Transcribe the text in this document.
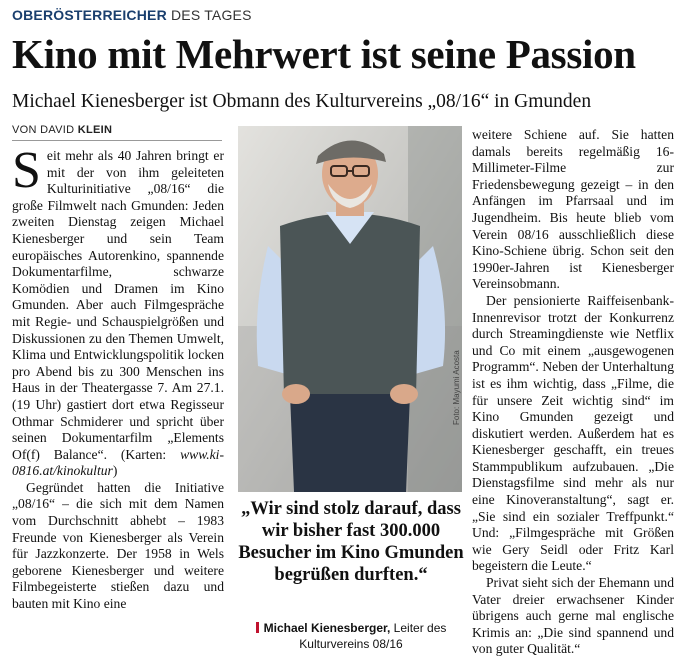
OBERÖSTERREICHER DES TAGES
Kino mit Mehrwert ist seine Passion
Michael Kienesberger ist Obmann des Kulturvereins „08/16“ in Gmunden
VON DAVID KLEIN

Seit mehr als 40 Jahren bringt er mit der von ihm geleiteten Kulturinitiative „08/16“ die große Filmwelt nach Gmunden: Jeden zweiten Dienstag zeigen Michael Kienesberger und sein Team europäisches Autorenkino, spannende Dokumentarfilme, schwarze Komödien und Dramen im Kino Gmunden. Aber auch Filmgespräche mit Regie- und Schauspielgrößen und Diskussionen zu den Themen Umwelt, Klima und Entwicklungspolitik locken pro Abend bis zu 300 Menschen ins Haus in der Theatergasse 7. Am 27.1. (19 Uhr) gastiert dort etwa Regisseur Othmar Schmiderer und spricht über seinen Dokumentarfilm „Elements Of(f) Balance“. (Karten: www.ki-0816.at/kinokultur)

Gegründet hatten die Initiative „08/16“ – die sich mit dem Namen vom Durchschnitt abhebt – 1983 Freunde von Kienesberger als Verein für Jazzkonzerte. Der 1958 in Wels geborene Kienesberger und weitere Filmbegeisterte stießen dazu und bauten mit Kino eine

Foto: Mayumi Acosta

weitere Schiene auf. Sie hatten damals bereits regelmäßig 16-Millimeter-Filme zur Friedensbewegung gezeigt – in den Anfängen im Pfarrsaal und im Jugendheim. Bis heute blieb vom Verein 08/16 ausschließlich diese Kino-Schiene übrig. Schon seit den 1990er-Jahren ist Kienesberger Vereinsobmann.

Der pensionierte Raiffeisenbank-Innenrevisor trotzt der Konkurrenz durch Streamingdienste wie Netflix und Co mit einem „ausgewogenen Programm“. Neben der Unterhaltung ist es ihm wichtig, dass „Filme, die für unsere Zeit wichtig sind“ im Kino Gmunden gezeigt und diskutiert werden. Außerdem hat es Kienesberger geschafft, ein treues Stammpublikum aufzubauen. „Die Dienstagsfilme sind mehr als nur eine Kinoveranstaltung“, sagt er. „Sie sind ein sozialer Treffpunkt.“ Und: „Filmgespräche mit Größen wie Gery Seidl oder Fritz Karl begeistern die Leute.“

Privat sieht sich der Ehemann und Vater dreier erwachsener Kinder übrigens auch gerne mal englische Krimis an: „Die sind spannend und von guter Qualität.“

„Wir sind stolz darauf, dass wir bisher fast 300.000 Besucher im Kino Gmunden begrüßen durften.“
Michael Kienesberger, Leiter des Kulturvereins 08/16
